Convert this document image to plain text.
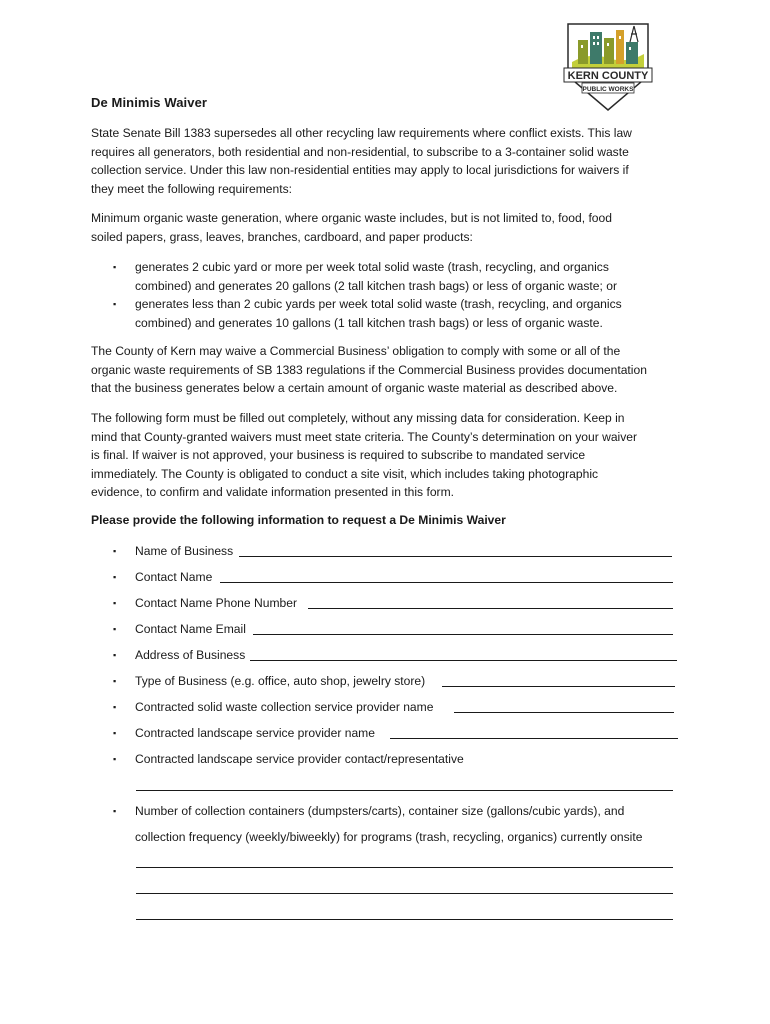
KERN COUNTY
PUBLIC WORKS
De Minimis Waiver
State Senate Bill 1383 supersedes all other recycling law requirements where conflict exists. This law
requires all generators, both residential and non-residential, to subscribe to a 3-container solid waste
collection service. Under this law non-residential entities may apply to local jurisdictions for waivers if
they meet the following requirements:
Minimum organic waste generation, where organic waste includes, but is not limited to, food, food
soiled papers, grass, leaves, branches, cardboard, and paper products:
▪ generates 2 cubic yard or more per week total solid waste (trash, recycling, and organics
combined) and generates 20 gallons (2 tall kitchen trash bags) or less of organic waste; or
▪ generates less than 2 cubic yards per week total solid waste (trash, recycling, and organics
combined) and generates 10 gallons (1 tall kitchen trash bags) or less of organic waste.
The County of Kern may waive a Commercial Business’ obligation to comply with some or all of the
organic waste requirements of SB 1383 regulations if the Commercial Business provides documentation
that the business generates below a certain amount of organic waste material as described above.
The following form must be filled out completely, without any missing data for consideration. Keep in
mind that County-granted waivers must meet state criteria. The County’s determination on your waiver
is final. If waiver is not approved, your business is required to subscribe to mandated service
immediately. The County is obligated to conduct a site visit, which includes taking photographic
evidence, to confirm and validate information presented in this form.
Please provide the following information to request a De Minimis Waiver
▪ Name of Business
▪ Contact Name
▪ Contact Name Phone Number
▪ Contact Name Email
▪ Address of Business
▪ Type of Business (e.g. office, auto shop, jewelry store)
▪ Contracted solid waste collection service provider name
▪ Contracted landscape service provider name
▪ Contracted landscape service provider contact/representative
▪ Number of collection containers (dumpsters/carts), container size (gallons/cubic yards), and
collection frequency (weekly/biweekly) for programs (trash, recycling, organics) currently onsite
